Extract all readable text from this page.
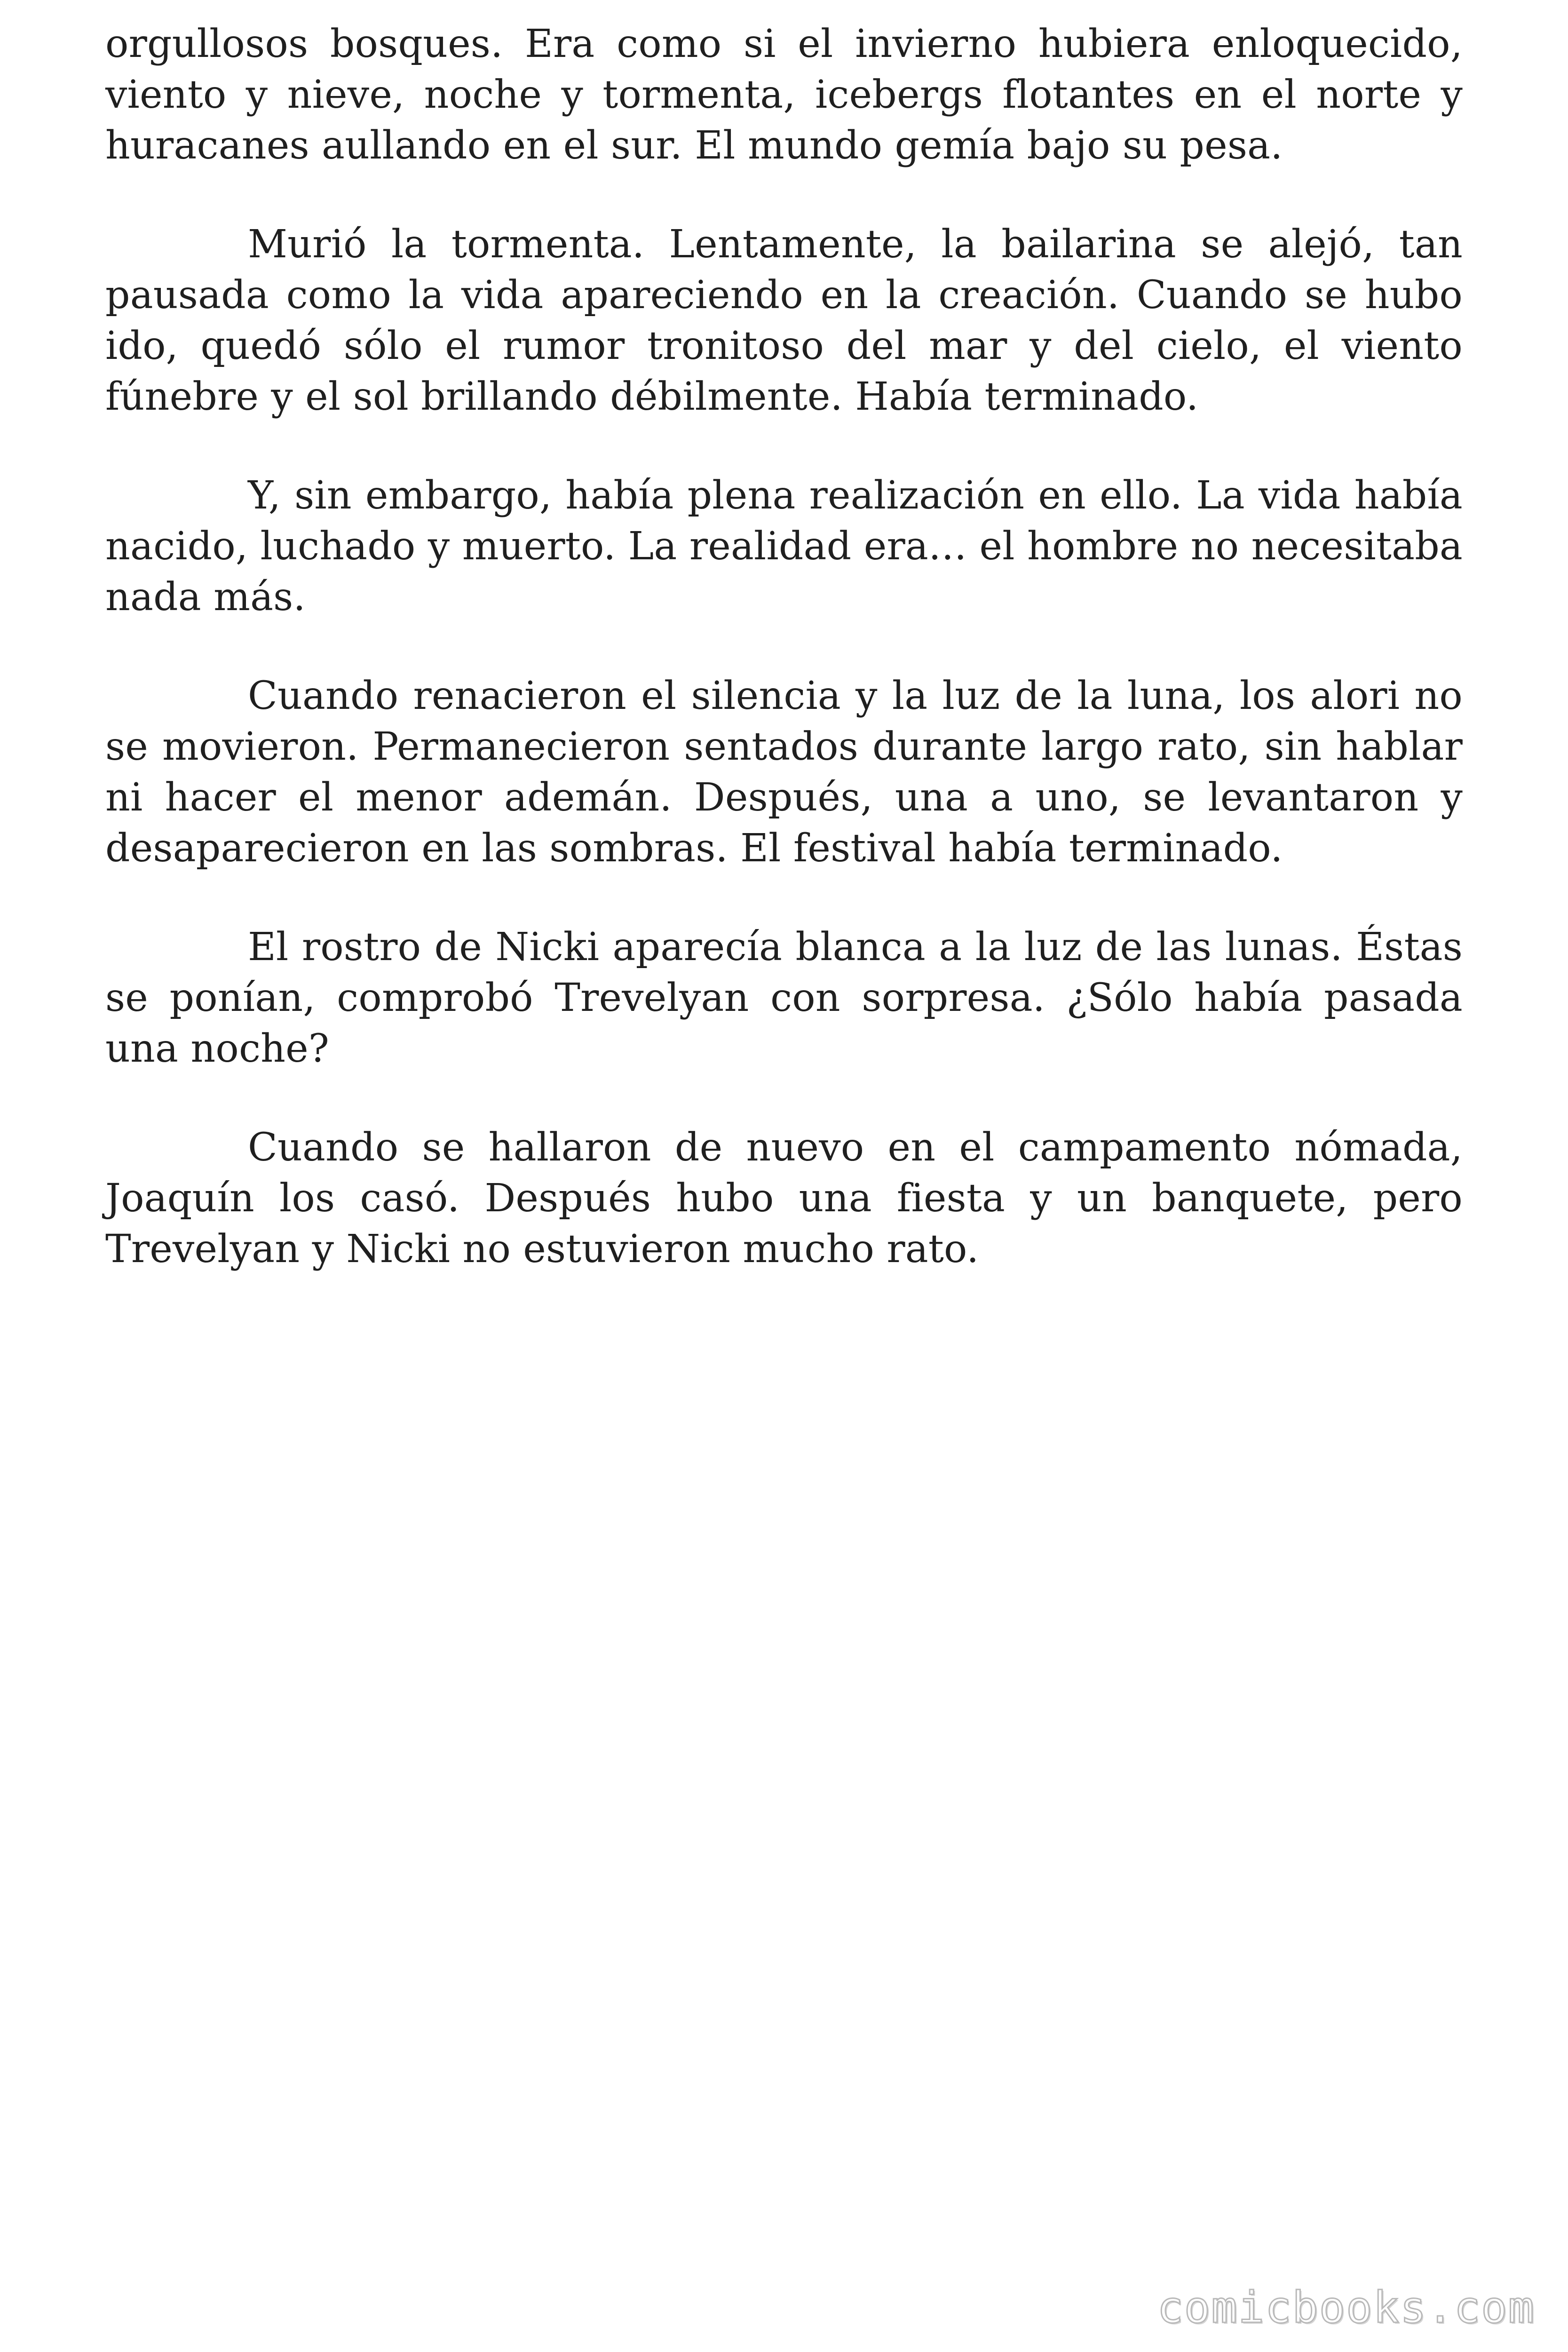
orgullosos bosques. Era como si el invierno hubiera enloquecido, viento y nieve, noche y tormenta, icebergs flotantes en el norte y huracanes aullando en el sur. El mundo gemía bajo su pesa.

Murió la tormenta. Lentamente, la bailarina se alejó, tan pausada como la vida apareciendo en la creación. Cuando se hubo ido, quedó sólo el rumor tronitoso del mar y del cielo, el viento fúnebre y el sol brillando débilmente. Había terminado.

Y, sin embargo, había plena realización en ello. La vida había nacido, luchado y muerto. La realidad era… el hombre no necesitaba nada más.

Cuando renacieron el silencia y la luz de la luna, los alori no se movieron. Permanecieron sentados durante largo rato, sin hablar ni hacer el menor ademán. Después, una a uno, se levantaron y desaparecieron en las sombras. El festival había terminado.

El rostro de Nicki aparecía blanca a la luz de las lunas. Éstas se ponían, comprobó Trevelyan con sorpresa. ¿Sólo había pasada una noche?

Cuando se hallaron de nuevo en el campamento nómada, Joaquín los casó. Después hubo una fiesta y un banquete, pero Trevelyan y Nicki no estuvieron mucho rato.

comicbooks.com
